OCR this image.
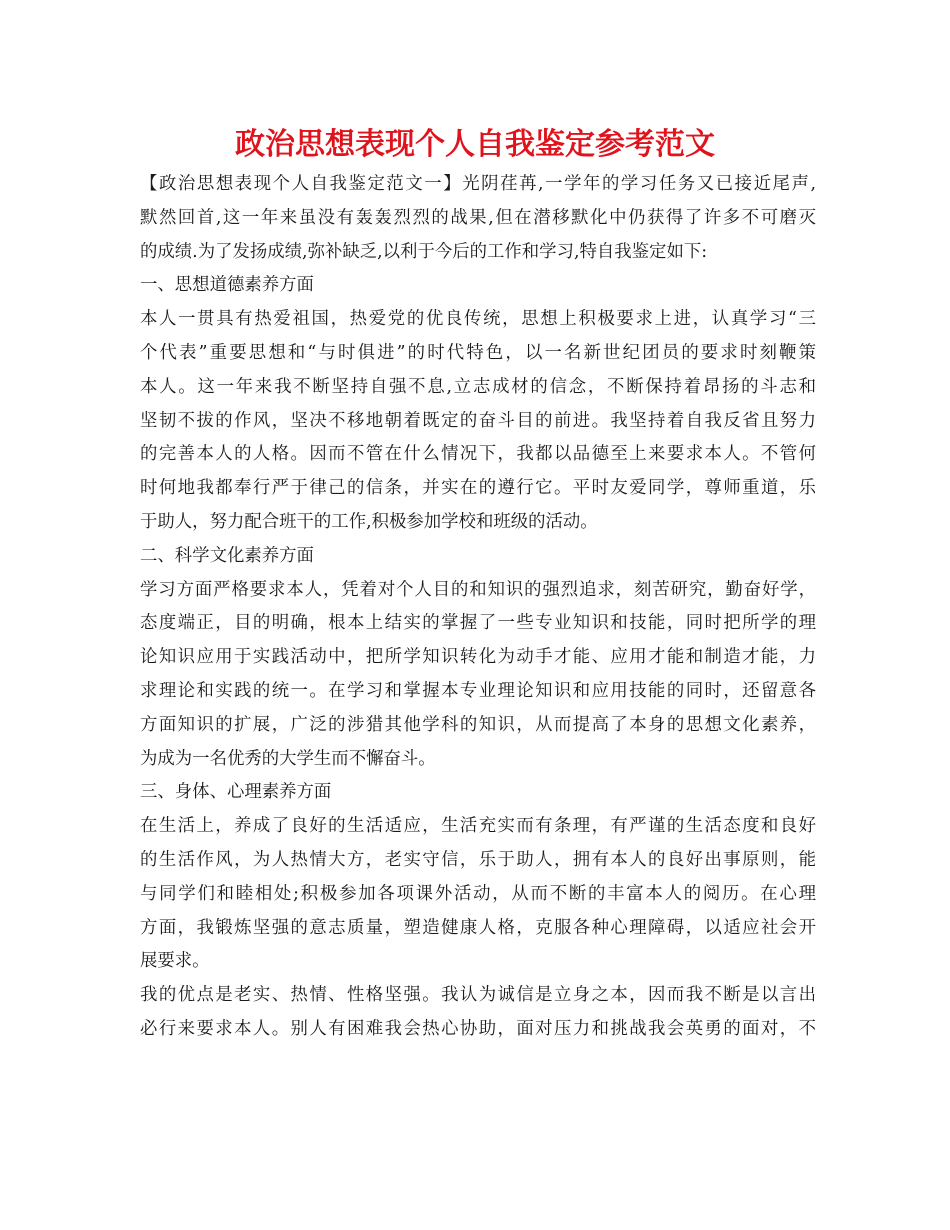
政治思想表现个人自我鉴定参考范文
【政治思想表现个人自我鉴定范文一】光阴荏苒,一学年的学习任务又已接近尾声,
默然回首,这一年来虽没有轰轰烈烈的战果,但在潜移默化中仍获得了许多不可磨灭
的成绩.为了发扬成绩,弥补缺乏,以利于今后的工作和学习,特自我鉴定如下:
一、思想道德素养方面
本人一贯具有热爱祖国，热爱党的优良传统，思想上积极要求上进，认真学习“三
个代表”重要思想和“与时俱进”的时代特色，以一名新世纪团员的要求时刻鞭策
本人。这一年来我不断坚持自强不息,立志成材的信念，不断保持着昂扬的斗志和
坚韧不拔的作风，坚决不移地朝着既定的奋斗目的前进。我坚持着自我反省且努力
的完善本人的人格。因而不管在什么情况下，我都以品德至上来要求本人。不管何
时何地我都奉行严于律己的信条，并实在的遵行它。平时友爱同学，尊师重道，乐
于助人，努力配合班干的工作,积极参加学校和班级的活动。
二、科学文化素养方面
学习方面严格要求本人，凭着对个人目的和知识的强烈追求，刻苦研究，勤奋好学，
态度端正，目的明确，根本上结实的掌握了一些专业知识和技能，同时把所学的理
论知识应用于实践活动中，把所学知识转化为动手才能、应用才能和制造才能，力
求理论和实践的统一。在学习和掌握本专业理论知识和应用技能的同时，还留意各
方面知识的扩展，广泛的涉猎其他学科的知识，从而提高了本身的思想文化素养，
为成为一名优秀的大学生而不懈奋斗。
三、身体、心理素养方面
在生活上，养成了良好的生活适应，生活充实而有条理，有严谨的生活态度和良好
的生活作风，为人热情大方，老实守信，乐于助人，拥有本人的良好出事原则，能
与同学们和睦相处;积极参加各项课外活动，从而不断的丰富本人的阅历。在心理
方面，我锻炼坚强的意志质量，塑造健康人格，克服各种心理障碍，以适应社会开
展要求。
我的优点是老实、热情、性格坚强。我认为诚信是立身之本，因而我不断是以言出
必行来要求本人。别人有困难我会热心协助，面对压力和挑战我会英勇的面对，不
